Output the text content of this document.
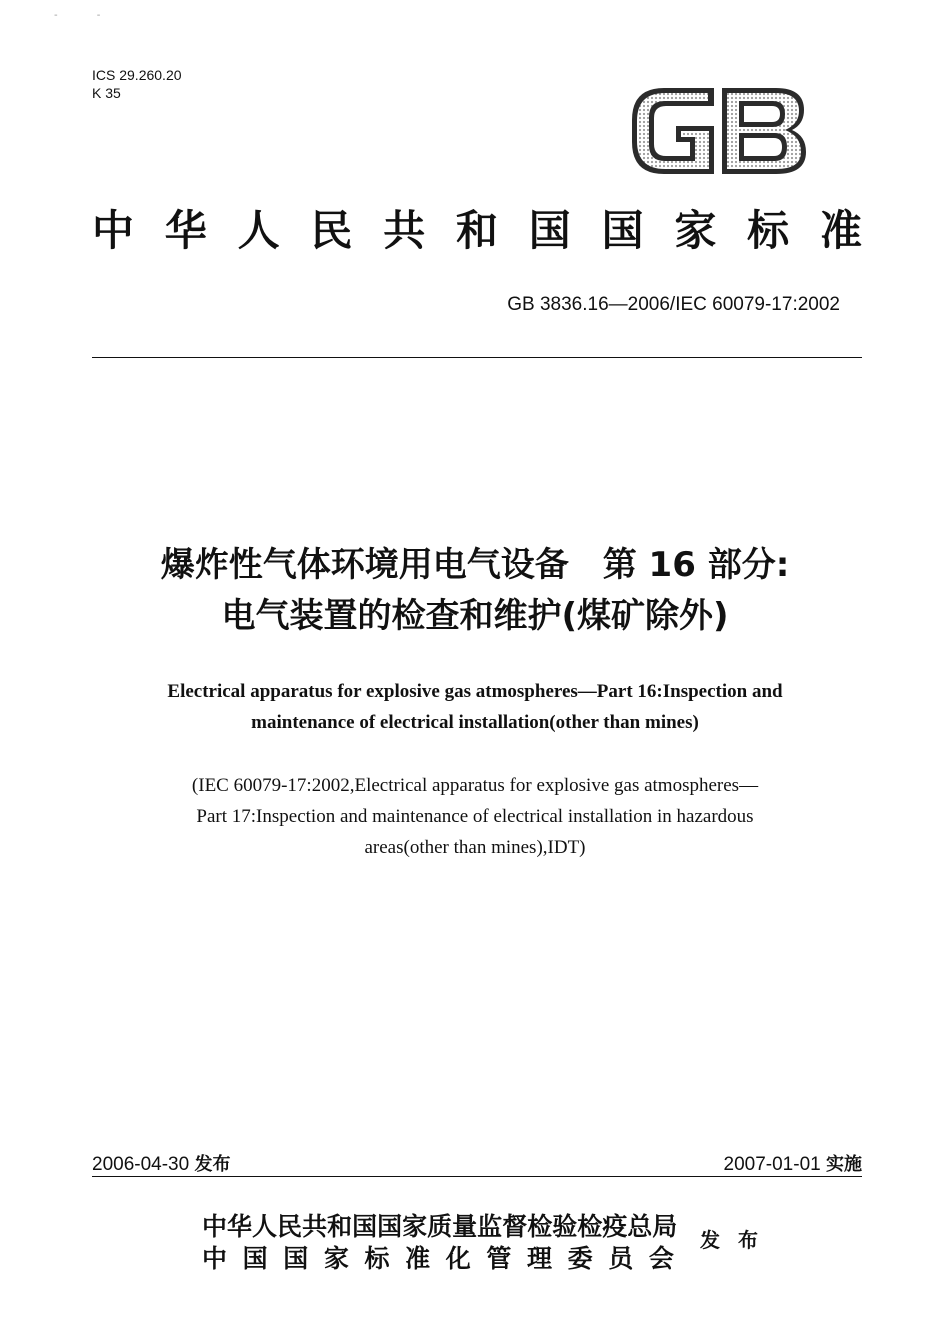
- -
ICS 29.260.20
K 35
中 华 人 民 共 和 国 国 家 标 准
GB 3836.16—2006/IEC 60079-17:2002
爆炸性气体环境用电气设备　第 16 部分:
电气装置的检查和维护(煤矿除外)
Electrical apparatus for explosive gas atmospheres—Part 16:Inspection and
maintenance of electrical installation(other than mines)
(IEC 60079-17:2002,Electrical apparatus for explosive gas atmospheres—
Part 17:Inspection and maintenance of electrical installation in hazardous
areas(other than mines),IDT)
2006-04-30 发布	2007-01-01 实施
中 华 人 民 共 和 国 国 家 质 量 监 督 检 验 检 疫 总 局
中 国 国 家 标 准 化 管 理 委 员 会
发 布
